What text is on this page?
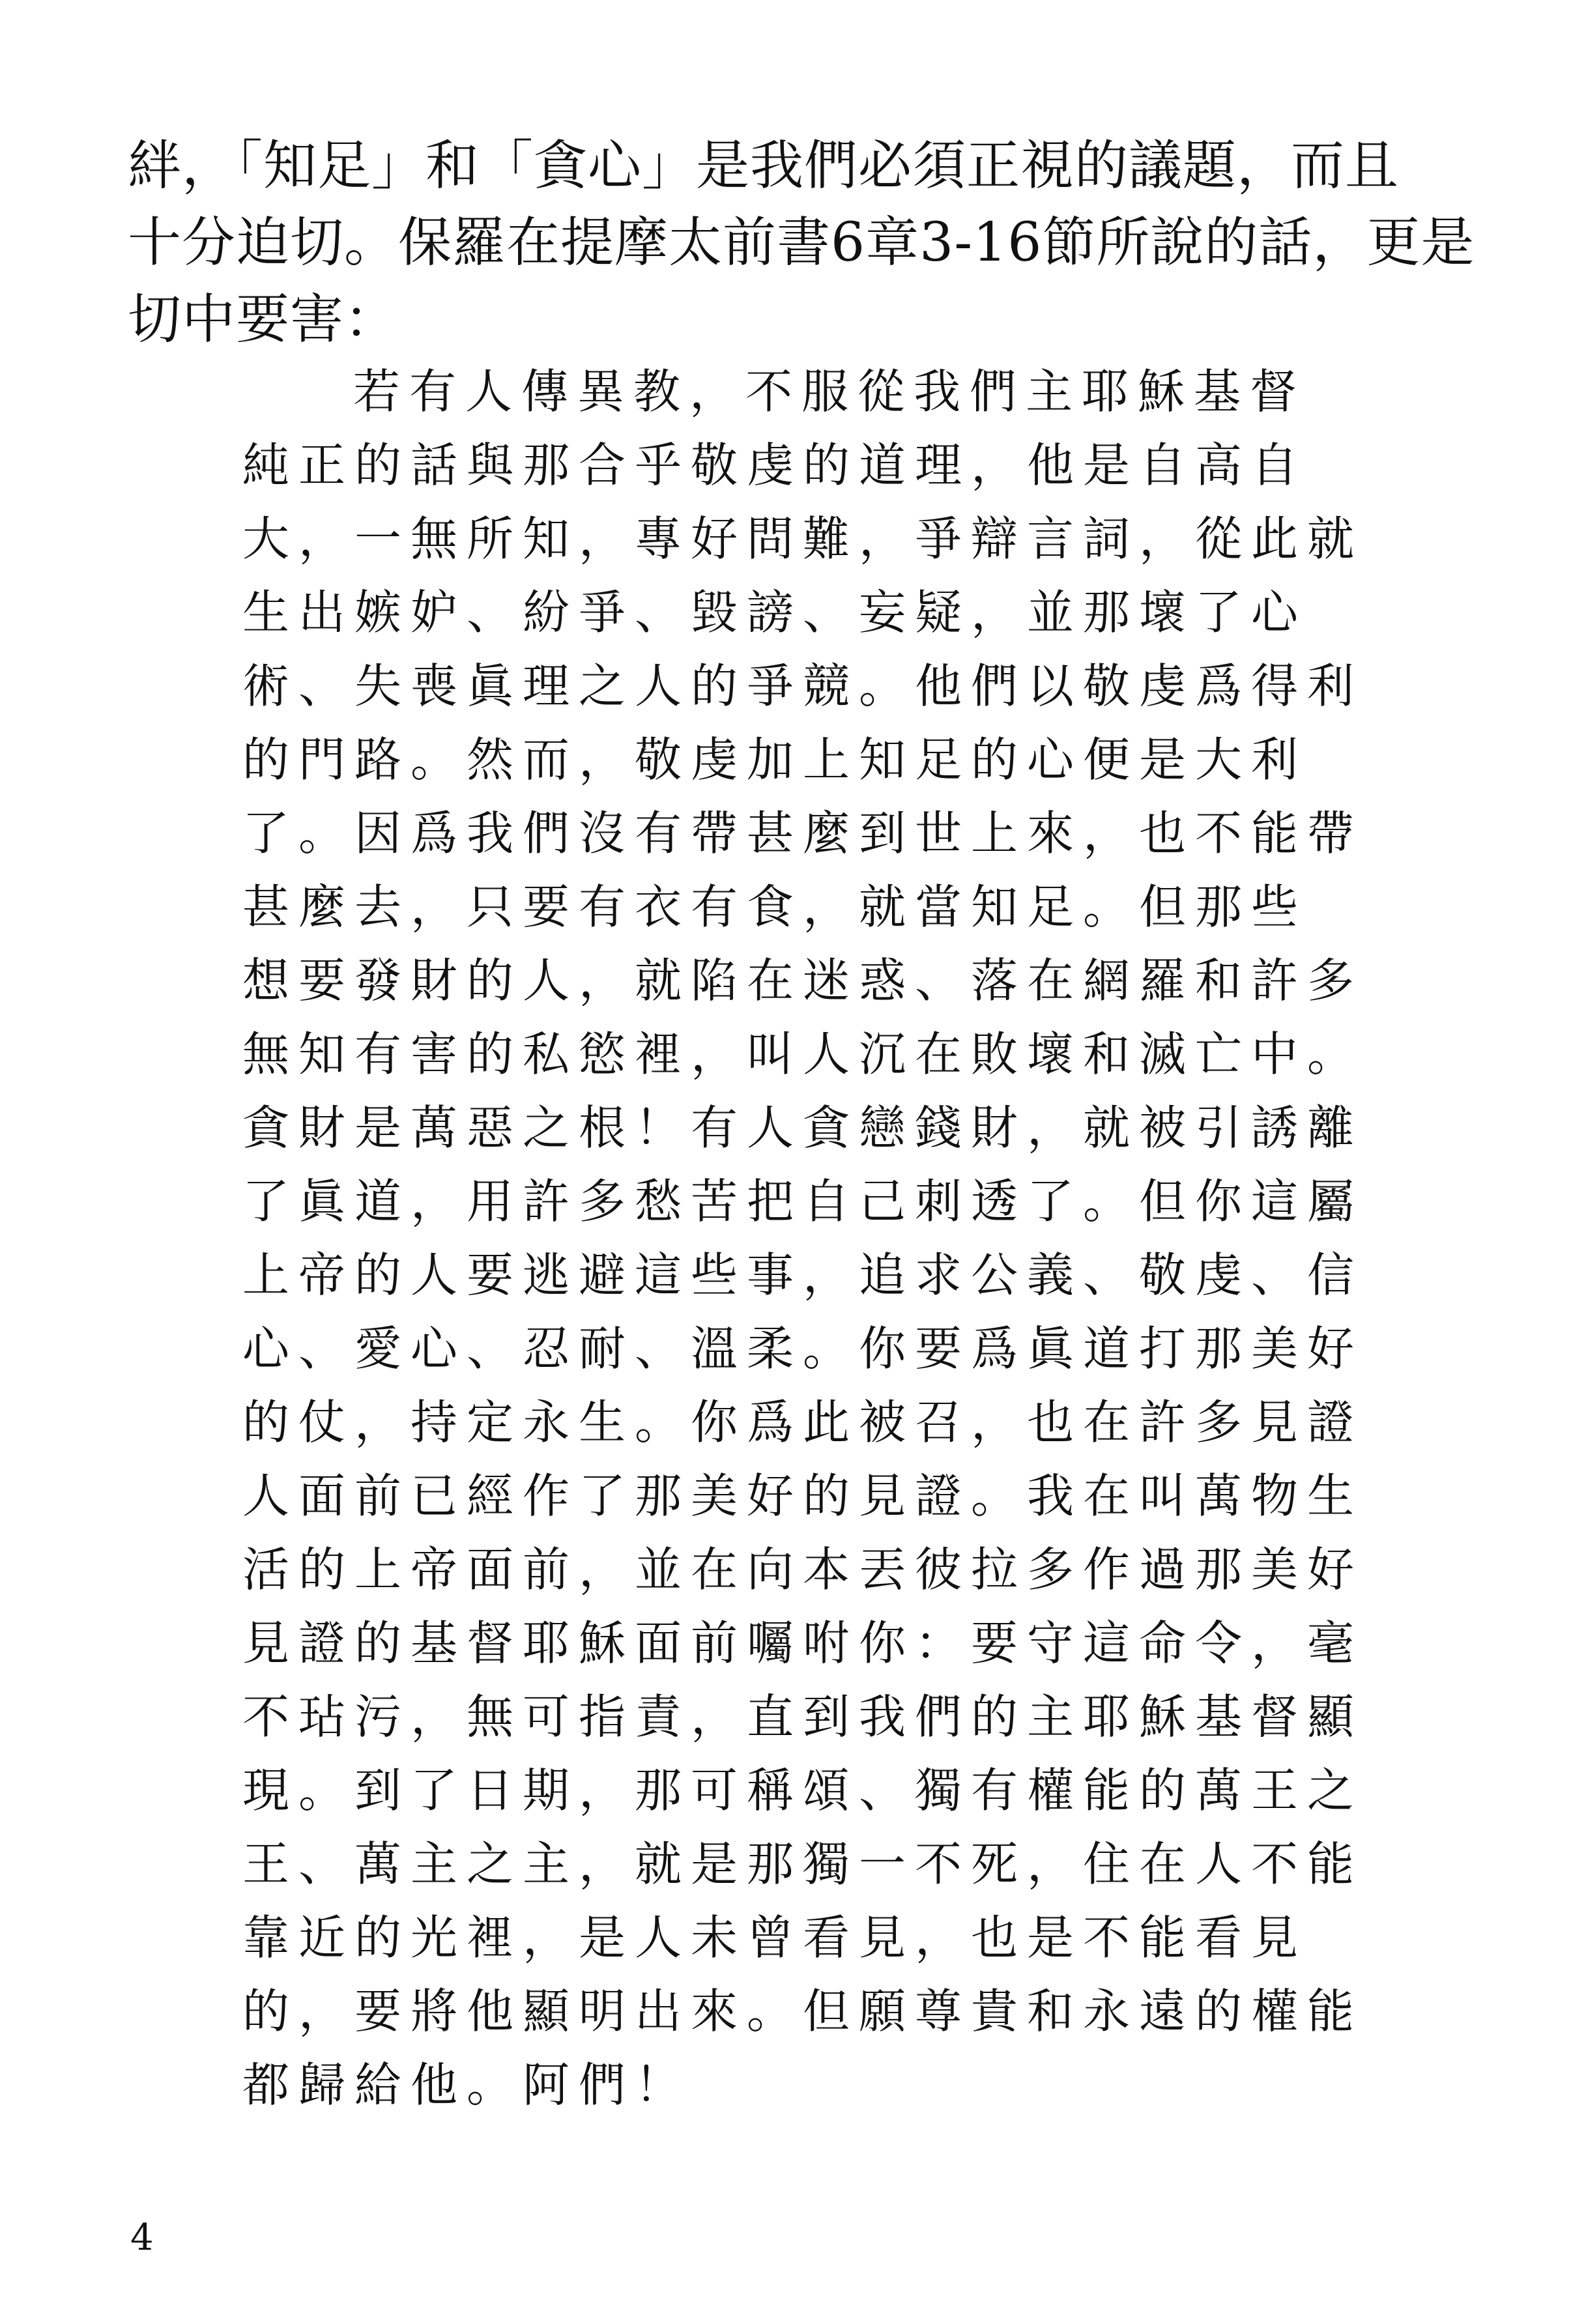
絆，「知足」和「貪心」是我們必須正視的議題，而且
十分迫切。保羅在提摩太前書6章3-16節所說的話，更是
切中要害：
若有人傳異教，不服從我們主耶穌基督
純正的話與那合乎敬虔的道理，他是自高自
大，一無所知，專好問難，爭辯言詞，從此就
生出嫉妒、紛爭、毀謗、妄疑，並那壞了心
術、失喪眞理之人的爭競。他們以敬虔爲得利
的門路。然而，敬虔加上知足的心便是大利
了。因爲我們沒有帶甚麼到世上來，也不能帶
甚麼去，只要有衣有食，就當知足。但那些
想要發財的人，就陷在迷惑、落在網羅和許多
無知有害的私慾裡，叫人沉在敗壞和滅亡中。
貪財是萬惡之根！有人貪戀錢財，就被引誘離
了眞道，用許多愁苦把自己刺透了。但你這屬
上帝的人要逃避這些事，追求公義、敬虔、信
心、愛心、忍耐、溫柔。你要爲眞道打那美好
的仗，持定永生。你爲此被召，也在許多見證
人面前已經作了那美好的見證。我在叫萬物生
活的上帝面前，並在向本丟彼拉多作過那美好
見證的基督耶穌面前囑咐你：要守這命令，毫
不玷污，無可指責，直到我們的主耶穌基督顯
現。到了日期，那可稱頌、獨有權能的萬王之
王、萬主之主，就是那獨一不死，住在人不能
靠近的光裡，是人未曾看見，也是不能看見
的，要將他顯明出來。但願尊貴和永遠的權能
都歸給他。阿們！
4
